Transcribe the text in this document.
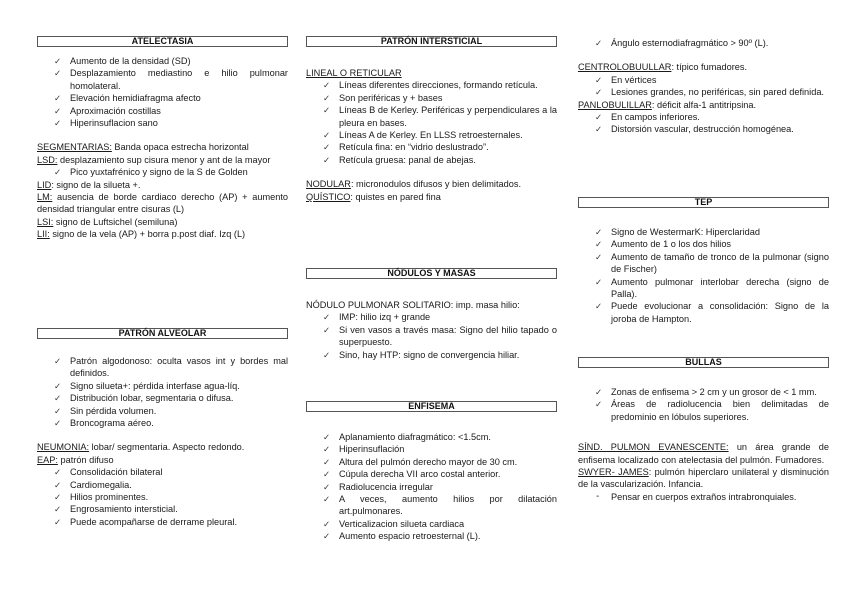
ATELECTASIA
✓ Aumento de la densidad (SD)
✓ Desplazamiento mediastino e hilio pulmonar homolateral.
✓ Elevación hemidiafragma afecto
✓ Aproximación costillas
✓ Hiperinsuflacion sano

SEGMENTARIAS: Banda opaca estrecha horizontal

LSD: desplazamiento sup cisura menor y ant de la mayor

✓ Pico yuxtafrénico y signo de la S de Golden

LID: signo de la silueta +.

LM: ausencia de borde cardiaco derecho (AP) + aumento densidad triangular entre cisuras (L)

LSI: signo de Luftsichel (semiluna)

LII: signo de la vela (AP) + borra p.post diaf. Izq (L)

PATRÓN ALVEOLAR
✓ Patrón algodonoso: oculta vasos int y bordes mal definidos.
✓ Signo silueta+: pérdida interfase agua-líq.
✓ Distribución lobar, segmentaria o difusa.
✓ Sin pérdida volumen.
✓ Broncograma aéreo.

NEUMONIA: lobar/ segmentaria. Aspecto redondo.

EAP: patrón difuso

✓ Consolidación bilateral
✓ Cardiomegalia.
✓ Hilios prominentes.
✓ Engrosamiento intersticial.
✓ Puede acompañarse de derrame pleural.
PATRÓN INTERSTICIAL

LINEAL O RETICULAR

✓ Líneas diferentes direcciones, formando retícula.
✓ Son periféricas y + bases
✓ Líneas B de Kerley. Periféricas y perpendiculares a la pleura en bases.
✓ Líneas A de Kerley. En LLSS retroesternales.
✓ Retícula fina: en “vidrio deslustrado”.
✓ Retícula gruesa: panal de abejas.

NODULAR: micronodulos difusos y bien delimitados.

QUÍSTICO: quistes en pared fina

NÓDULOS Y MASAS

NÓDULO PULMONAR SOLITARIO: imp. masa hilio:

✓ IMP: hilio izq + grande
✓ Si ven vasos a través masa: Signo del hilio tapado o superpuesto.
✓ Sino, hay HTP: signo de convergencia hiliar.
ENFISEMA
✓ Aplanamiento diafragmático: <1.5cm.
✓ Hiperinsuflación
✓ Altura del pulmón derecho mayor de 30 cm.
✓ Cúpula derecha VII arco costal anterior.
✓ Radiolucencia irregular
✓ A veces, aumento hilios por dilatación art.pulmonares.
✓ Verticalizacion silueta cardiaca
✓ Aumento espacio retroesternal (L).
✓ Ángulo esternodiafragmático > 90º (L).

CENTROLOBUULLAR: típico fumadores.

✓ En vértices
✓ Lesiones grandes, no periféricas, sin pared definida.

PANLOBULILLAR: déficit alfa-1 antitripsina.

✓ En campos inferiores.
✓ Distorsión vascular, destrucción homogénea.
TEP
✓ Signo de WestermarK: Hiperclaridad
✓ Aumento de 1 o los dos hilios
✓ Aumento de tamaño de tronco de la pulmonar (signo de Fischer)
✓ Aumento pulmonar interlobar derecha (signo de Palla).
✓ Puede evolucionar a consolidación: Signo de la joroba de Hampton.
BULLAS
✓ Zonas de enfisema > 2 cm y un grosor de < 1 mm.
✓ Áreas de radiolucencia bien delimitadas de predominio en lóbulos superiores.

SÍND. PULMON EVANESCENTE: un área grande de enfisema localizado con atelectasia del pulmón. Fumadores.

SWYER- JAMES: pulmón hiperclaro unilateral y disminución de la vascularización. Infancia.

- Pensar en cuerpos extraños intrabronquiales.
